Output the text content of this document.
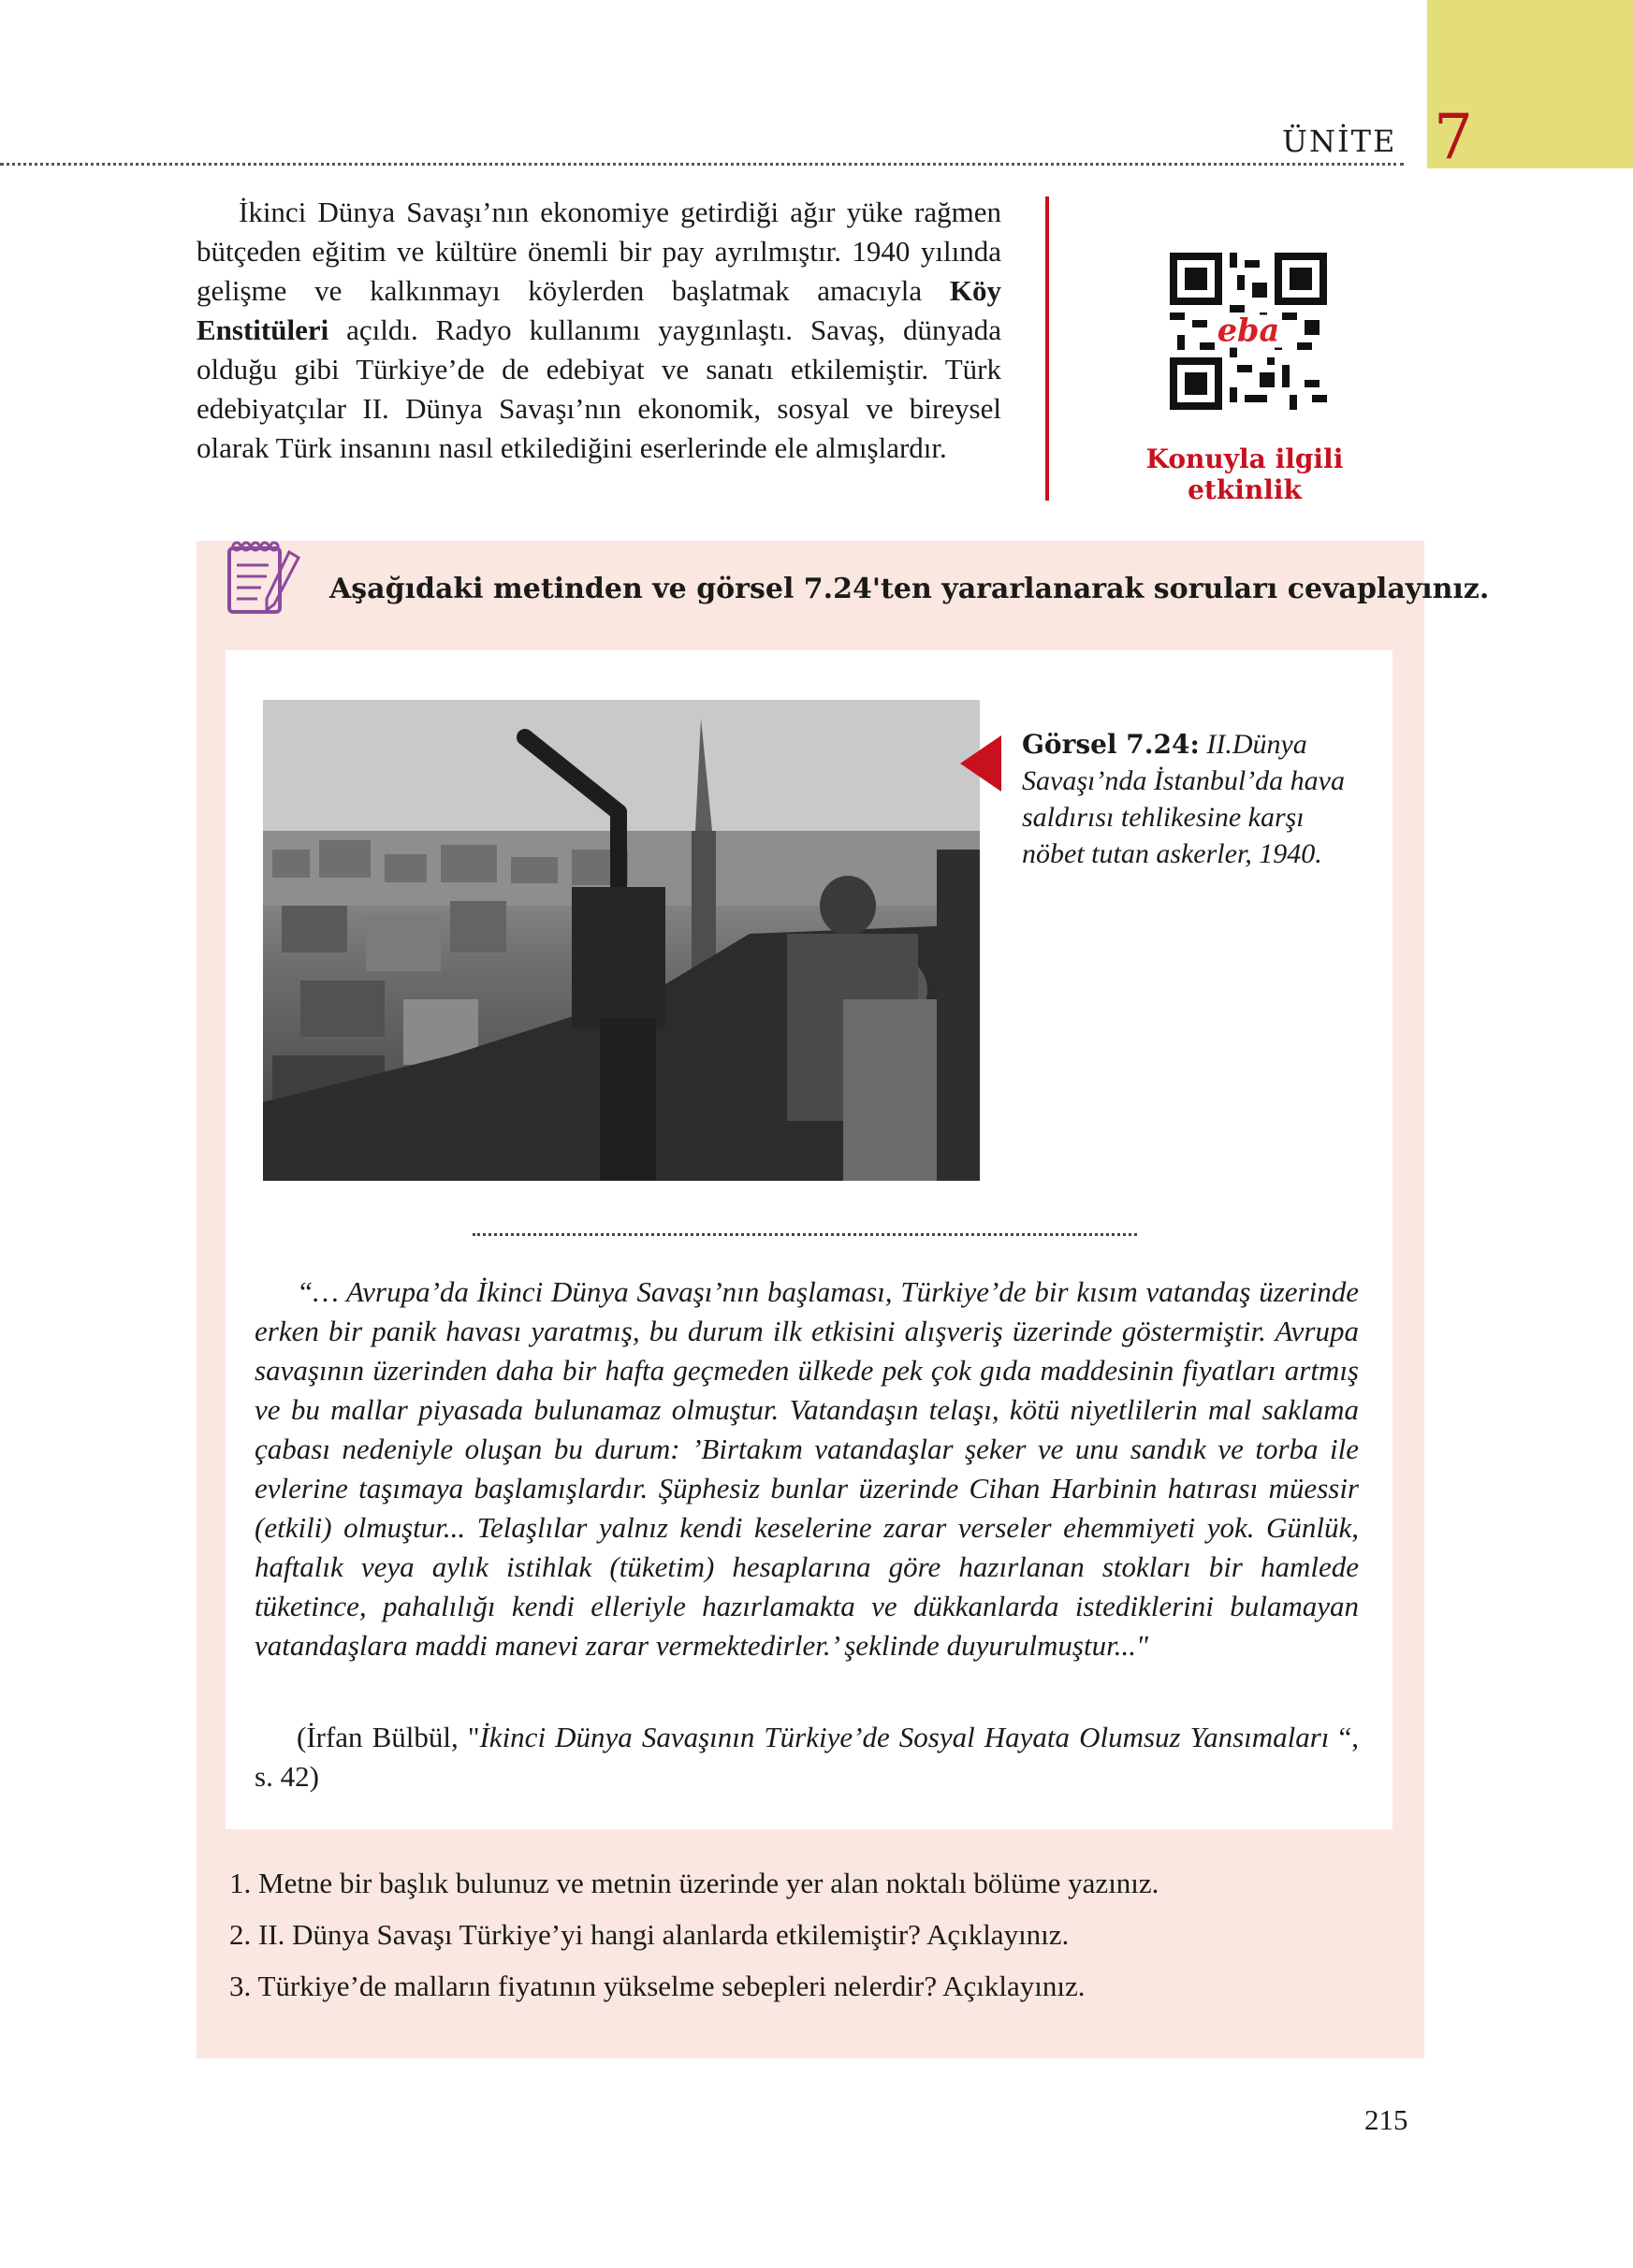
ÜNİTE 7

İkinci Dünya Savaşı’nın ekonomiye getirdiği ağır yüke rağmen bütçeden eğitim ve kültüre önemli bir pay ayrılmıştır. 1940 yılında gelişme ve kalkınmayı köylerden başlatmak amacıyla Köy Enstitüleri açıldı. Radyo kullanımı yaygınlaştı. Savaş, dünyada olduğu gibi Türkiye’de de edebiyat ve sanatı etkilemiştir. Türk edebiyatçılar II. Dünya Savaşı’nın ekonomik, sosyal ve bireysel olarak Türk insanını nasıl etkilediğini eserlerinde ele almışlardır.

eba
Konuyla ilgili etkinlik
Aşağıdaki metinden ve görsel 7.24'ten yararlanarak soruları cevaplayınız.
Görsel 7.24: II.Dünya Savaşı’nda İstanbul’da hava saldırısı tehlikesine karşı nöbet tutan askerler, 1940.

“… Avrupa’da İkinci Dünya Savaşı’nın başlaması, Türkiye’de bir kısım vatandaş üzerinde erken bir panik havası yaratmış, bu durum ilk etkisini alışveriş üzerinde göstermiştir. Avrupa savaşının üzerinden daha bir hafta geçmeden ülkede pek çok gıda maddesinin fiyatları artmış ve bu mallar piyasada bulunamaz olmuştur. Vatandaşın telaşı, kötü niyetlilerin mal saklama çabası nedeniyle oluşan bu durum: ’Birtakım vatandaşlar şeker ve unu sandık ve torba ile evlerine taşımaya başlamışlardır. Şüphesiz bunlar üzerinde Cihan Harbinin hatırası müessir (etkili) olmuştur... Telaşlılar yalnız kendi keselerine zarar verseler ehemmiyeti yok. Günlük, haftalık veya aylık istihlak (tüketim) hesaplarına göre hazırlanan stokları bir hamlede tüketince, pahalılığı kendi elleriyle hazırlamakta ve dükkanlarda istediklerini bulamayan vatandaşlara maddi manevi zarar vermektedirler.’ şeklinde duyurulmuştur..."

(İrfan Bülbül, "İkinci Dünya Savaşının Türkiye’de Sosyal Hayata Olumsuz Yansımaları “, s. 42)
1. Metne bir başlık bulunuz ve metnin üzerinde yer alan noktalı bölüme yazınız.
2. II. Dünya Savaşı Türkiye’yi hangi alanlarda etkilemiştir? Açıklayınız.
3. Türkiye’de malların fiyatının yükselme sebepleri nelerdir? Açıklayınız.
215
